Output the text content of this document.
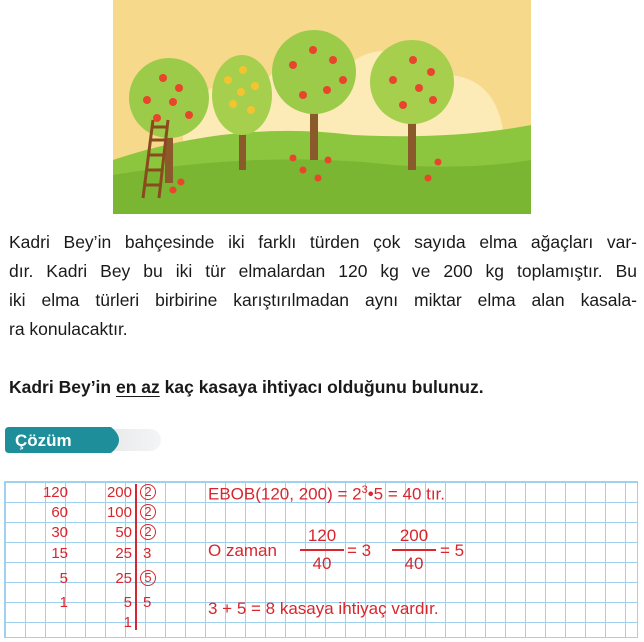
Kadri Bey’in bahçesinde iki farklı türden çok sayıda elma ağaçları var-
dır. Kadri Bey bu iki tür elmalardan 120 kg ve 200 kg toplamıştır. Bu
iki elma türleri birbirine karıştırılmadan aynı miktar elma alan kasala-
ra konulacaktır.

Kadri Bey’in en az kaç kasaya ihtiyacı olduğunu bulunuz.

Çözüm
120
60
30
15
5
1
200
100
50
25
25
5
1
2
2
2
3
5
5
EBOB(120, $200) = 2^3•5 = 40$ tır.
O zaman
120
40
= 3
200
40
= 5
3 + 5 = 8 kasaya ihtiyaç vardır.
